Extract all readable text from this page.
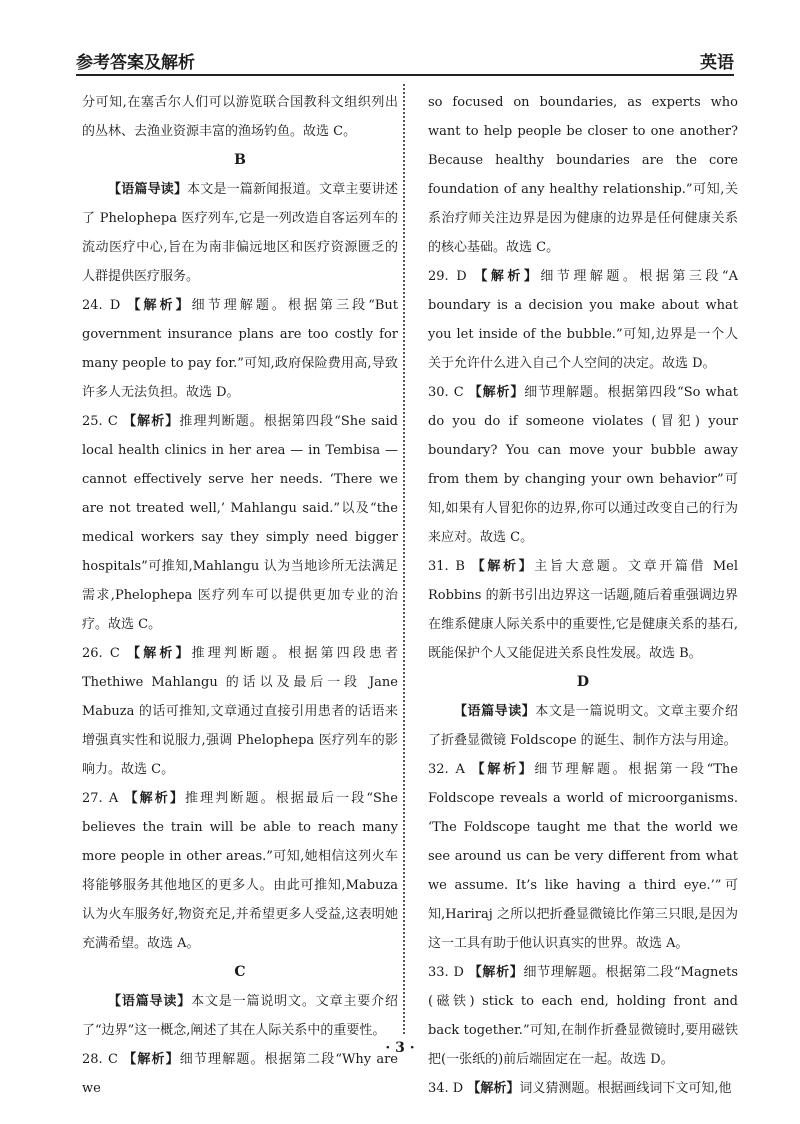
参考答案及解析	英语

分可知,在塞舌尔人们可以游览联合国教科文组织列出的丛林、去渔业资源丰富的渔场钓鱼。故选 C。

B

【语篇导读】本文是一篇新闻报道。文章主要讲述了 Phelophepa 医疗列车,它是一列改造自客运列车的流动医疗中心,旨在为南非偏远地区和医疗资源匮乏的人群提供医疗服务。

24. D 【解析】细节理解题。根据第三段“But government insurance plans are too costly for many people to pay for.”可知,政府保险费用高,导致许多人无法负担。故选 D。

25. C 【解析】推理判断题。根据第四段“She said local health clinics in her area — in Tembisa — cannot effectively serve her needs. ‘There we are not treated well,’ Mahlangu said.”以及“the medical workers say they simply need bigger hospitals”可推知,Mahlangu 认为当地诊所无法满足需求,Phelophepa 医疗列车可以提供更加专业的治疗。故选 C。

26. C 【解析】推理判断题。根据第四段患者 Thethiwe Mahlangu 的话以及最后一段 Jane Mabuza 的话可推知,文章通过直接引用患者的话语来增强真实性和说服力,强调 Phelophepa 医疗列车的影响力。故选 C。

27. A 【解析】推理判断题。根据最后一段“She believes the train will be able to reach many more people in other areas.”可知,她相信这列火车将能够服务其他地区的更多人。由此可推知,Mabuza 认为火车服务好,物资充足,并希望更多人受益,这表明她充满希望。故选 A。

C

【语篇导读】本文是一篇说明文。文章主要介绍了“边界”这一概念,阐述了其在人际关系中的重要性。

28. C 【解析】细节理解题。根据第二段“Why are we

so focused on boundaries, as experts who want to help people be closer to one another? Because healthy boundaries are the core foundation of any healthy relationship.”可知,关系治疗师关注边界是因为健康的边界是任何健康关系的核心基础。故选 C。

29. D 【解析】细节理解题。根据第三段“A boundary is a decision you make about what you let inside of the bubble.”可知,边界是一个人关于允许什么进入自己个人空间的决定。故选 D。

30. C 【解析】细节理解题。根据第四段“So what do you do if someone violates (冒犯) your boundary? You can move your bubble away from them by changing your own behavior”可知,如果有人冒犯你的边界,你可以通过改变自己的行为来应对。故选 C。

31. B 【解析】主旨大意题。文章开篇借 Mel Robbins 的新书引出边界这一话题,随后着重强调边界在维系健康人际关系中的重要性,它是健康关系的基石,既能保护个人又能促进关系良性发展。故选 B。

D

【语篇导读】本文是一篇说明文。文章主要介绍了折叠显微镜 Foldscope 的诞生、制作方法与用途。

32. A 【解析】细节理解题。根据第一段“The Foldscope reveals a world of microorganisms. ‘The Foldscope taught me that the world we see around us can be very different from what we assume. It’s like having a third eye.’”可知,Hariraj 之所以把折叠显微镜比作第三只眼,是因为这一工具有助于他认识真实的世界。故选 A。

33. D 【解析】细节理解题。根据第二段“Magnets (磁铁) stick to each end, holding front and back together.”可知,在制作折叠显微镜时,要用磁铁把(一张纸的)前后端固定在一起。故选 D。

34. D 【解析】词义猜测题。根据画线词下文可知,他

· 3 ·
